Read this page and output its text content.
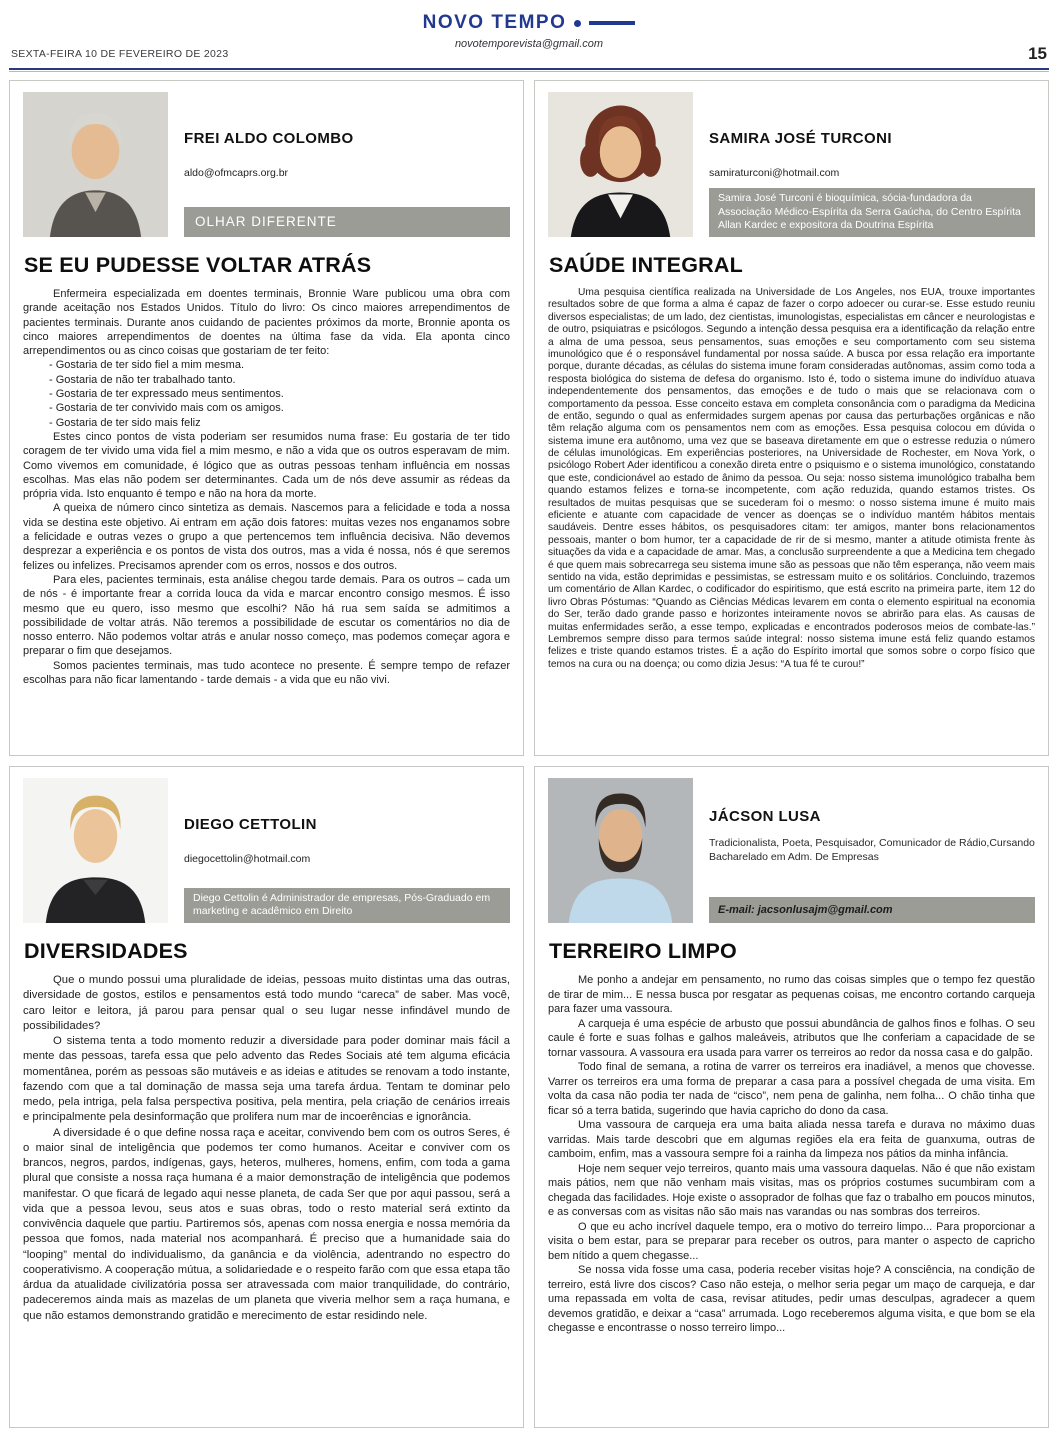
NOVO TEMPO
novotemporevista@gmail.com
SEXTA-FEIRA 10 DE FEVEREIRO DE 2023	15
FREI ALDO COLOMBO
aldo@ofmcaprs.org.br
OLHAR DIFERENTE
SE EU PUDESSE VOLTAR ATRÁS

Enfermeira especializada em doentes terminais, Bronnie Ware publicou uma obra com grande aceitação nos Estados Unidos. Título do livro: Os cinco maiores arrependimentos de pacientes terminais. Durante anos cuidando de pacientes próximos da morte, Bronnie aponta os cinco maiores arrependimentos de doentes na última fase da vida. Ela aponta cinco arrependimentos ou as cinco coisas que gostariam de ter feito:

- Gostaria de ter sido fiel a mim mesma.

- Gostaria de não ter trabalhado tanto.

- Gostaria de ter expressado meus sentimentos.

- Gostaria de ter convivido mais com os amigos.

- Gostaria de ter sido mais feliz

Estes cinco pontos de vista poderiam ser resumidos numa frase: Eu gostaria de ter tido coragem de ter vivido uma vida fiel a mim mesmo, e não a vida que os outros esperavam de mim. Como vivemos em comunidade, é lógico que as outras pessoas tenham influência em nossas escolhas. Mas elas não podem ser determinantes. Cada um de nós deve assumir as rédeas da própria vida. Isto enquanto é tempo e não na hora da morte.

A queixa de número cinco sintetiza as demais. Nascemos para a felicidade e toda a nossa vida se destina este objetivo. Ai entram em ação dois fatores: muitas vezes nos enganamos sobre a felicidade e outras vezes o grupo a que pertencemos tem influência decisiva. Não devemos desprezar a experiência e os pontos de vista dos outros, mas a vida é nossa, nós é que seremos felizes ou infelizes. Precisamos aprender com os erros, nossos e dos outros.

Para eles, pacientes terminais, esta análise chegou tarde demais. Para os outros – cada um de nós - é importante frear a corrida louca da vida e marcar encontro consigo mesmos. É isso mesmo que eu quero, isso mesmo que escolhi? Não há rua sem saída se admitimos a possibilidade de voltar atrás. Não teremos a possibilidade de escutar os comentários no dia de nosso enterro. Não podemos voltar atrás e anular nosso começo, mas podemos começar agora e preparar o fim que desejamos.

Somos pacientes terminais, mas tudo acontece no presente. É sempre tempo de refazer escolhas para não ficar lamentando - tarde demais - a vida que eu não vivi.

SAMIRA JOSÉ TURCONI
samiraturconi@hotmail.com
Samira José Turconi é bioquímica, sócia-fundadora da Associação Médico-Espírita da Serra Gaúcha, do Centro Espírita Allan Kardec e expositora da Doutrina Espírita
SAÚDE INTEGRAL

Uma pesquisa científica realizada na Universidade de Los Angeles, nos EUA, trouxe importantes resultados sobre de que forma a alma é capaz de fazer o corpo adoecer ou curar-se. Esse estudo reuniu diversos especialistas; de um lado, dez cientistas, imunologistas, especialistas em câncer e neurologistas e de outro, psiquiatras e psicólogos. Segundo a intenção dessa pesquisa era a identificação da relação entre a alma de uma pessoa, seus pensamentos, suas emoções e seu comportamento com seu sistema imunológico que é o responsável fundamental por nossa saúde. A busca por essa relação era importante porque, durante décadas, as células do sistema imune foram consideradas autônomas, assim como toda a resposta biológica do sistema de defesa do organismo. Isto é, todo o sistema imune do indivíduo atuava independentemente dos pensamentos, das emoções e de tudo o mais que se relacionava com o comportamento da pessoa. Esse conceito estava em completa consonância com o paradigma da Medicina de então, segundo o qual as enfermidades surgem apenas por causa das perturbações orgânicas e não têm relação alguma com os pensamentos nem com as emoções. Essa pesquisa colocou em dúvida o sistema imune era autônomo, uma vez que se baseava diretamente em que o estresse reduzia o número de células imunológicas. Em experiências posteriores, na Universidade de Rochester, em Nova York, o psicólogo Robert Ader identificou a conexão direta entre o psiquismo e o sistema imunológico, constatando que este, condicionável ao estado de ânimo da pessoa. Ou seja: nosso sistema imunológico trabalha bem quando estamos felizes e torna-se incompetente, com ação reduzida, quando estamos tristes. Os resultados de muitas pesquisas que se sucederam foi o mesmo: o nosso sistema imune é muito mais eficiente e atuante com capacidade de vencer as doenças se o indivíduo mantém hábitos mentais saudáveis. Dentre esses hábitos, os pesquisadores citam: ter amigos, manter bons relacionamentos pessoais, manter o bom humor, ter a capacidade de rir de si mesmo, manter a atitude otimista frente às situações da vida e a capacidade de amar. Mas, a conclusão surpreendente a que a Medicina tem chegado é que quem mais sobrecarrega seu sistema imune são as pessoas que não têm esperança, não veem mais sentido na vida, estão deprimidas e pessimistas, se estressam muito e os solitários. Concluindo, trazemos um comentário de Allan Kardec, o codificador do espiritismo, que está escrito na primeira parte, item 12 do livro Obras Póstumas: “Quando as Ciências Médicas levarem em conta o elemento espiritual na economia do Ser, terão dado grande passo e horizontes inteiramente novos se abrirão para elas. As causas de muitas enfermidades serão, a esse tempo, explicadas e encontrados poderosos meios de combate-las.” Lembremos sempre disso para termos saúde integral: nosso sistema imune está feliz quando estamos felizes e triste quando estamos tristes. É a ação do Espírito imortal que somos sobre o corpo físico que temos na cura ou na doença; ou como dizia Jesus: “A tua fé te curou!”

DIEGO CETTOLIN
diegocettolin@hotmail.com
Diego Cettolin é Administrador de empresas, Pós-Graduado em marketing e acadêmico em Direito
DIVERSIDADES

Que o mundo possui uma pluralidade de ideias, pessoas muito distintas uma das outras, diversidade de gostos, estilos e pensamentos está todo mundo “careca” de saber. Mas você, caro leitor e leitora, já parou para pensar qual o seu lugar nesse infindável mundo de possibilidades?

O sistema tenta a todo momento reduzir a diversidade para poder dominar mais fácil a mente das pessoas, tarefa essa que pelo advento das Redes Sociais até tem alguma eficácia momentânea, porém as pessoas são mutáveis e as ideias e atitudes se renovam a todo instante, fazendo com que a tal dominação de massa seja uma tarefa árdua. Tentam te dominar pelo medo, pela intriga, pela falsa perspectiva positiva, pela mentira, pela criação de cenários irreais e principalmente pela desinformação que prolifera num mar de incoerências e ignorância.

A diversidade é o que define nossa raça e aceitar, convivendo bem com os outros Seres, é o maior sinal de inteligência que podemos ter como humanos. Aceitar e conviver com os brancos, negros, pardos, indígenas, gays, heteros, mulheres, homens, enfim, com toda a gama plural que consiste a nossa raça humana é a maior demonstração de inteligência que podemos manifestar. O que ficará de legado aqui nesse planeta, de cada Ser que por aqui passou, será a vida que a pessoa levou, seus atos e suas obras, todo o resto material será extinto da convivência daquele que partiu. Partiremos sós, apenas com nossa energia e nossa memória da pessoa que fomos, nada material nos acompanhará. É preciso que a humanidade saia do “looping” mental do individualismo, da ganância e da violência, adentrando no espectro do cooperativismo. A cooperação mútua, a solidariedade e o respeito farão com que essa etapa tão árdua da atualidade civilizatória possa ser atravessada com maior tranquilidade, do contrário, padeceremos ainda mais as mazelas de um planeta que viveria melhor sem a raça humana, e que não estamos demonstrando gratidão e merecimento de estar residindo nele.

JÁCSON LUSA
Tradicionalista, Poeta, Pesquisador, Comunicador de Rádio,Cursando Bacharelado em Adm. De Empresas
E-mail: jacsonlusajm@gmail.com
TERREIRO LIMPO

Me ponho a andejar em pensamento, no rumo das coisas simples que o tempo fez questão de tirar de mim... E nessa busca por resgatar as pequenas coisas, me encontro cortando carqueja para fazer uma vassoura.

A carqueja é uma espécie de arbusto que possui abundância de galhos finos e folhas. O seu caule é forte e suas folhas e galhos maleáveis, atributos que lhe conferiam a capacidade de se tornar vassoura. A vassoura era usada para varrer os terreiros ao redor da nossa casa e do galpão.

Todo final de semana, a rotina de varrer os terreiros era inadiável, a menos que chovesse. Varrer os terreiros era uma forma de preparar a casa para a possível chegada de uma visita. Em volta da casa não podia ter nada de “cisco”, nem pena de galinha, nem folha... O chão tinha que ficar só a terra batida, sugerindo que havia capricho do dono da casa.

Uma vassoura de carqueja era uma baita aliada nessa tarefa e durava no máximo duas varridas. Mais tarde descobri que em algumas regiões ela era feita de guanxuma, outras de camboim, enfim, mas a vassoura sempre foi a rainha da limpeza nos pátios da minha infância.

Hoje nem sequer vejo terreiros, quanto mais uma vassoura daquelas. Não é que não existam mais pátios, nem que não venham mais visitas, mas os próprios costumes sucumbiram com a chegada das facilidades. Hoje existe o assoprador de folhas que faz o trabalho em poucos minutos, e as conversas com as visitas não são mais nas varandas ou nas sombras dos terreiros.

O que eu acho incrível daquele tempo, era o motivo do terreiro limpo... Para proporcionar a visita o bem estar, para se preparar para receber os outros, para manter o aspecto de capricho bem nítido a quem chegasse...

Se nossa vida fosse uma casa, poderia receber visitas hoje? A consciência, na condição de terreiro, está livre dos ciscos? Caso não esteja, o melhor seria pegar um maço de carqueja, e dar uma repassada em volta de casa, revisar atitudes, pedir umas desculpas, agradecer a quem devemos gratidão, e deixar a “casa” arrumada. Logo receberemos alguma visita, e que bom se ela chegasse e encontrasse o nosso terreiro limpo...
